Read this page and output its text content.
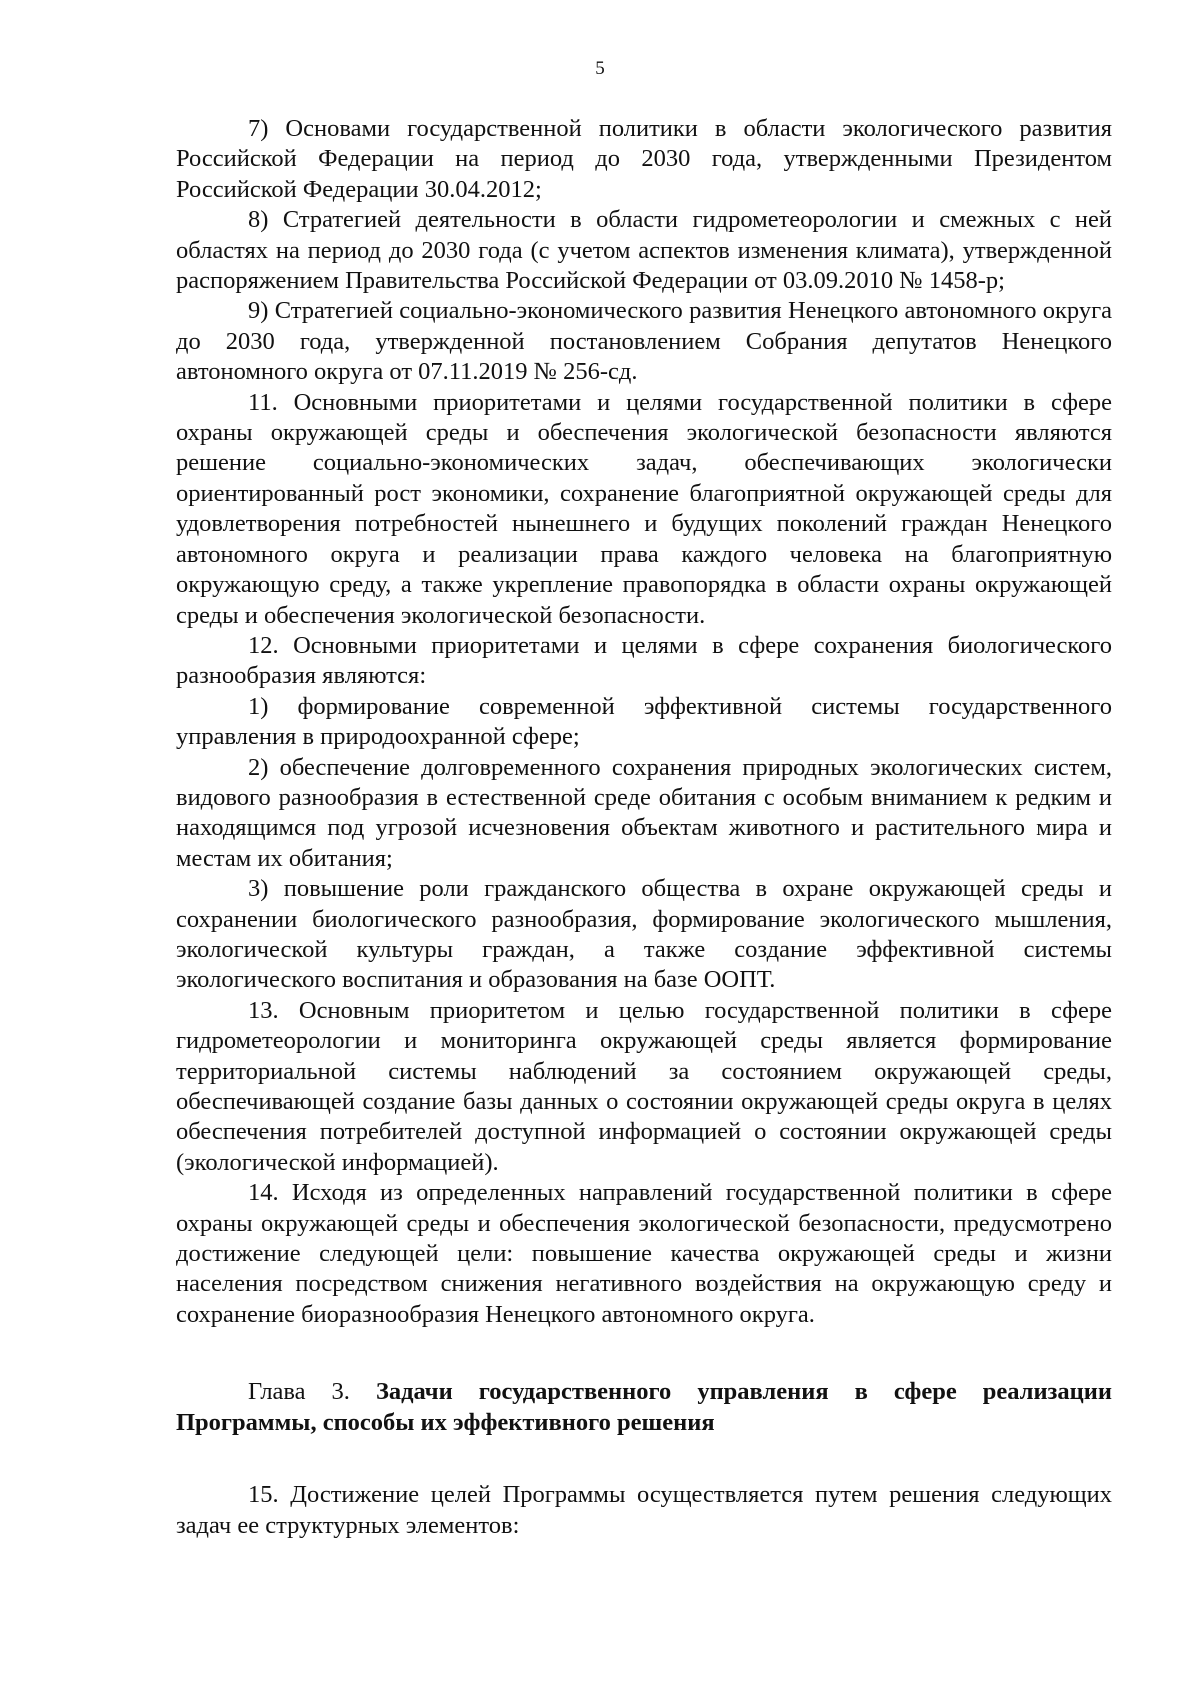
5

7) Основами государственной политики в области экологического развития Российской Федерации на период до 2030 года, утвержденными Президентом Российской Федерации 30.04.2012;

8) Стратегией деятельности в области гидрометеорологии и смежных с ней областях на период до 2030 года (с учетом аспектов изменения климата), утвержденной распоряжением Правительства Российской Федерации от 03.09.2010 № 1458-р;

9) Стратегией социально-экономического развития Ненецкого автономного округа до 2030 года, утвержденной постановлением Собрания депутатов Ненецкого автономного округа от 07.11.2019 № 256-сд.

11. Основными приоритетами и целями государственной политики в сфере охраны окружающей среды и обеспечения экологической безопасности являются решение социально-экономических задач, обеспечивающих экологически ориентированный рост экономики, сохранение благоприятной окружающей среды для удовлетворения потребностей нынешнего и будущих поколений граждан Ненецкого автономного округа и реализации права каждого человека на благоприятную окружающую среду, а также укрепление правопорядка в области охраны окружающей среды и обеспечения экологической безопасности.

12. Основными приоритетами и целями в сфере сохранения биологического разнообразия являются:

1) формирование современной эффективной системы государственного управления в природоохранной сфере;

2) обеспечение долговременного сохранения природных экологических систем, видового разнообразия в естественной среде обитания с особым вниманием к редким и находящимся под угрозой исчезновения объектам животного и растительного мира и местам их обитания;

3) повышение роли гражданского общества в охране окружающей среды и сохранении биологического разнообразия, формирование экологического мышления, экологической культуры граждан, а также создание эффективной системы экологического воспитания и образования на базе ООПТ.

13. Основным приоритетом и целью государственной политики в сфере гидрометеорологии и мониторинга окружающей среды является формирование территориальной системы наблюдений за состоянием окружающей среды, обеспечивающей создание базы данных о состоянии окружающей среды округа в целях обеспечения потребителей доступной информацией о состоянии окружающей среды (экологической информацией).

14. Исходя из определенных направлений государственной политики в сфере охраны окружающей среды и обеспечения экологической безопасности, предусмотрено достижение следующей цели: повышение качества окружающей среды и жизни населения посредством снижения негативного воздействия на окружающую среду и сохранение биоразнообразия Ненецкого автономного округа.

Глава 3. Задачи государственного управления в сфере реализации Программы, способы их эффективного решения

15. Достижение целей Программы осуществляется путем решения следующих задач ее структурных элементов:
